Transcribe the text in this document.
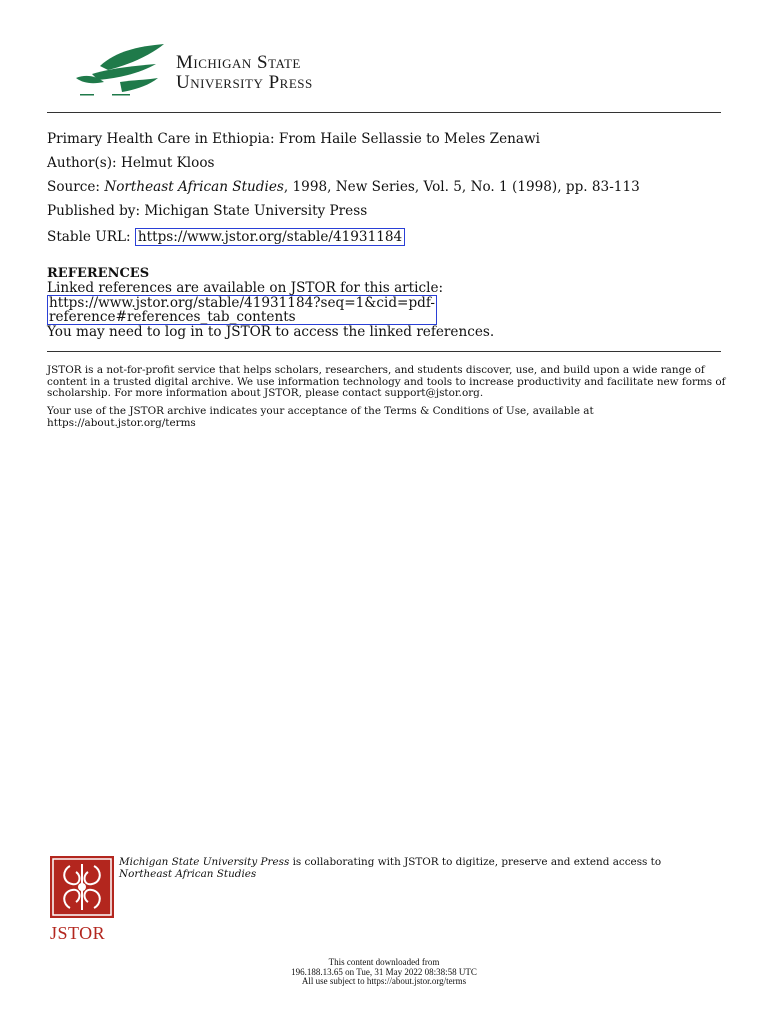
Michigan State
University Press
Primary Health Care in Ethiopia: From Haile Sellassie to Meles Zenawi
Author(s): Helmut Kloos
Source: Northeast African Studies, 1998, New Series, Vol. 5, No. 1 (1998), pp. 83-113
Published by: Michigan State University Press
Stable URL: https://www.jstor.org/stable/41931184
REFERENCES
Linked references are available on JSTOR for this article:
https://www.jstor.org/stable/41931184?seq=1&cid=pdf-
reference#references_tab_contents
You may need to log in to JSTOR to access the linked references.
JSTOR is a not-for-profit service that helps scholars, researchers, and students discover, use, and build upon a wide range of content in a trusted digital archive. We use information technology and tools to increase productivity and facilitate new forms of scholarship. For more information about JSTOR, please contact support@jstor.org.
Your use of the JSTOR archive indicates your acceptance of the Terms & Conditions of Use, available at https://about.jstor.org/terms
JSTOR
Michigan State University Press is collaborating with JSTOR to digitize, preserve and extend access to Northeast African Studies
This content downloaded from
196.188.13.65 on Tue, 31 May 2022 08:38:58 UTC
All use subject to https://about.jstor.org/terms
